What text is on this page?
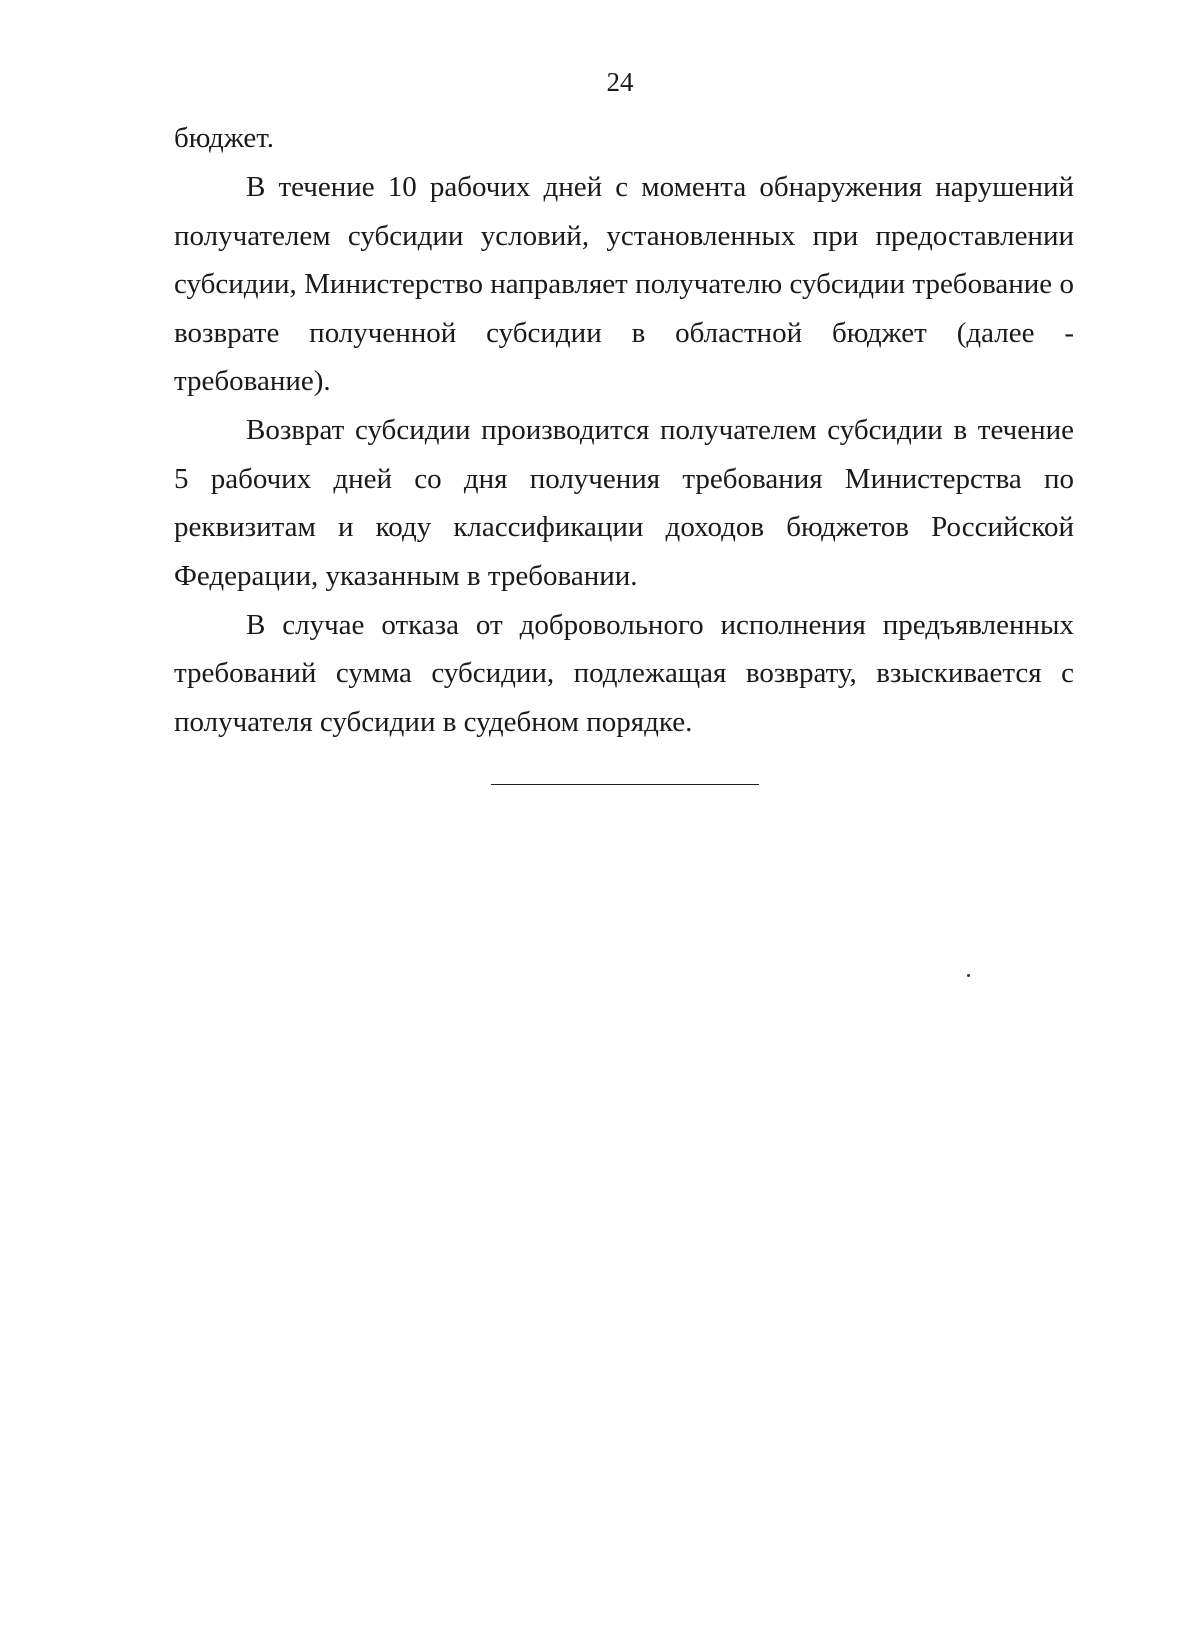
24

бюджет.

В течение 10 рабочих дней с момента обнаружения нарушений получателем субсидии условий, установленных при предоставлении субсидии, Министерство направляет получателю субсидии требование о возврате полученной субсидии в областной бюджет (далее - требование).

Возврат субсидии производится получателем субсидии в течение 5 рабочих дней со дня получения требования Министерства по реквизитам и коду классификации доходов бюджетов Российской Федерации, указанным в требовании.

В случае отказа от добровольного исполнения предъявленных требований сумма субсидии, подлежащая возврату, взыскивается с получателя субсидии в судебном порядке.
